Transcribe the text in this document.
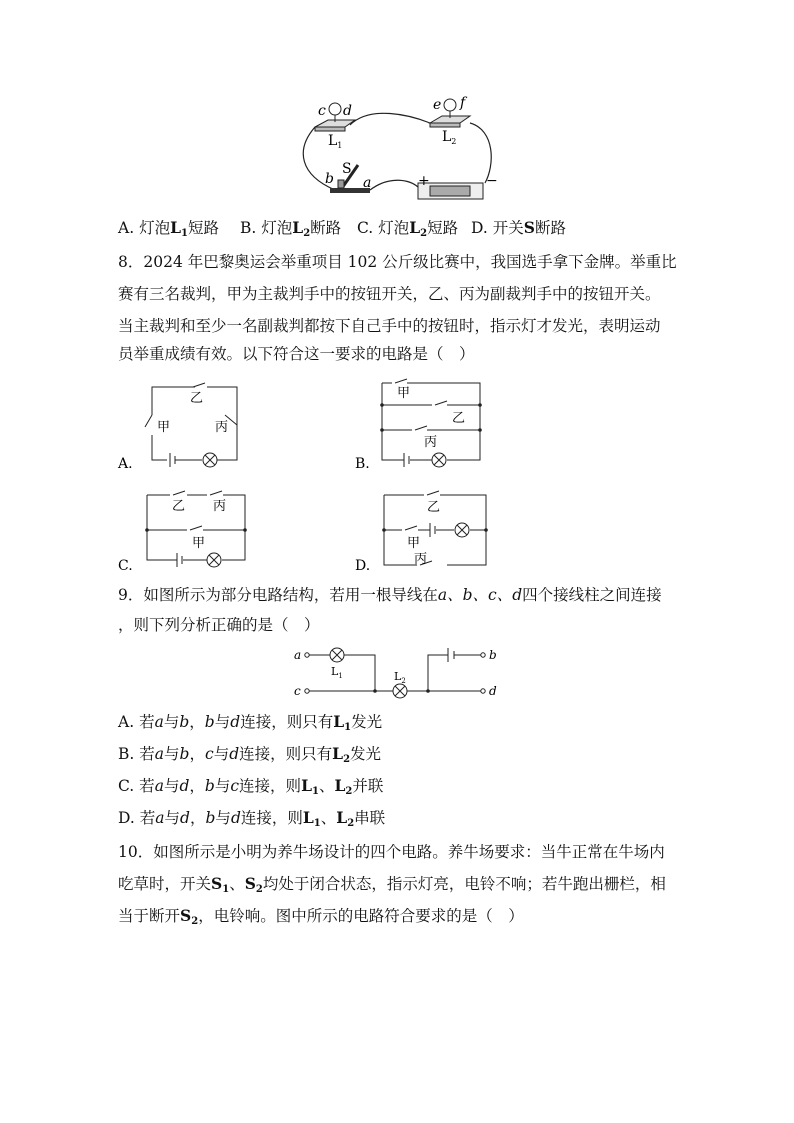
c d	e f
$L_1$
$L_2$
S
b a	+	−
A. 灯泡$L_1$短路 B. 灯泡$L_2$断路 C. 灯泡$L_2$短路 D. 开关S断路
8．2024 年巴黎奥运会举重项目 102 公斤级比赛中，我国选手拿下金牌。举重比
赛有三名裁判，甲为主裁判手中的按钮开关，乙、丙为副裁判手中的按钮开关。
当主裁判和至少一名副裁判都按下自己手中的按钮时，指示灯才发光，表明运动
员举重成绩有效。以下符合这一要求的电路是（　）
A.
乙
甲	丙
B.
甲
乙
丙
C.
乙 丙
甲
D.
乙
甲
丙
9．如图所示为部分电路结构，若用一根导线在a、b、c、d四个接线柱之间连接
，则下列分析正确的是（　）
a
c
b
d
$L_1$	$L_2$
A. 若a与b，b与d连接，则只有$L_1$发光
B. 若a与b，c与d连接，则只有$L_2$发光
C. 若a与d，b与c连接，则$L_1$、$L_2$并联
D. 若a与d，b与d连接，则$L_1$、$L_2$串联
10．如图所示是小明为养牛场设计的四个电路。养牛场要求：当牛正常在牛场内
吃草时，开关$S_1$、$S_2$均处于闭合状态，指示灯亮，电铃不响；若牛跑出栅栏，相
当于断开$S_2$，电铃响。图中所示的电路符合要求的是（　）
